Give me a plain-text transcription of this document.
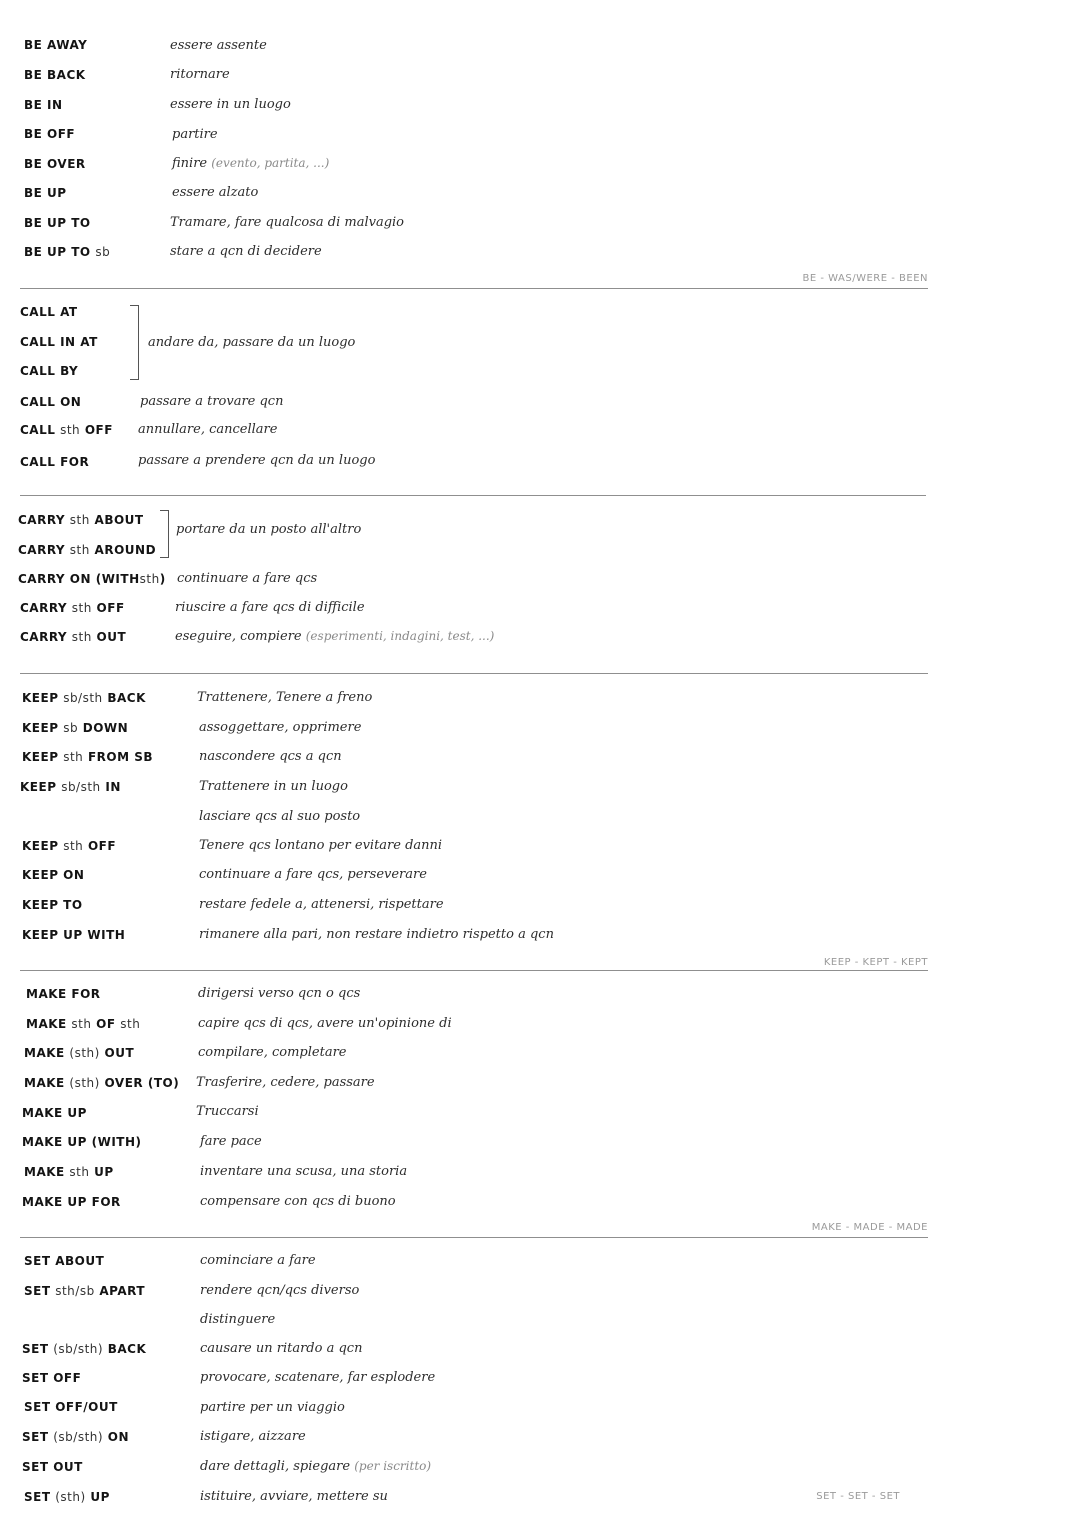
BE AWAY	essere assente
BE BACK	ritornare
BE IN	essere in un luogo
BE OFF	partire
BE OVER	finire (evento, partita, ...)
BE UP	essere alzato
BE UP TO	Tramare, fare qualcosa di malvagio
BE UP TO sb	stare a qcn di decidere
BE - WAS/WERE - BEEN
CALL AT
CALL IN AT
CALL BY
andare da, passare da un luogo
CALL ON	passare a trovare qcn
CALL sth OFF annullare, cancellare
CALL FOR	passare a prendere qcn da un luogo
CARRY sth ABOUT
CARRY sth AROUND
portare da un posto all'altro
CARRY ON (WITHsth) continuare a fare qcs
CARRY sth OFF	riuscire a fare qcs di difficile
CARRY sth OUT	eseguire, compiere (esperimenti, indagini, test, ...)
KEEP sb/sth BACK	Trattenere, Tenere a freno
KEEP sb DOWN	assoggettare, opprimere
KEEP sth FROM SB	nascondere qcs a qcn
KEEP sb/sth IN	Trattenere in un luogo
lasciare qcs al suo posto
KEEP sth OFF	Tenere qcs lontano per evitare danni
KEEP ON	continuare a fare qcs, perseverare
KEEP TO	restare fedele a, attenersi, rispettare
KEEP UP WITH	rimanere alla pari, non restare indietro rispetto a qcn
KEEP - KEPT - KEPT
MAKE FOR	dirigersi verso qcn o qcs
MAKE sth OF sth	capire qcs di qcs, avere un'opinione di
MAKE (sth) OUT	compilare, completare
MAKE (sth) OVER (TO) Trasferire, cedere, passare
MAKE UP	Truccarsi
MAKE UP (WITH)	fare pace
MAKE sth UP	inventare una scusa, una storia
MAKE UP FOR	compensare con qcs di buono
MAKE - MADE - MADE
SET ABOUT	cominciare a fare
SET sth/sb APART	rendere qcn/qcs diverso
distinguere
SET (sb/sth) BACK	causare un ritardo a qcn
SET OFF	provocare, scatenare, far esplodere
SET OFF/OUT	partire per un viaggio
SET (sb/sth) ON	istigare, aizzare
SET OUT	dare dettagli, spiegare (per iscritto)
SET (sth) UP	istituire, avviare, mettere su	SET - SET - SET
